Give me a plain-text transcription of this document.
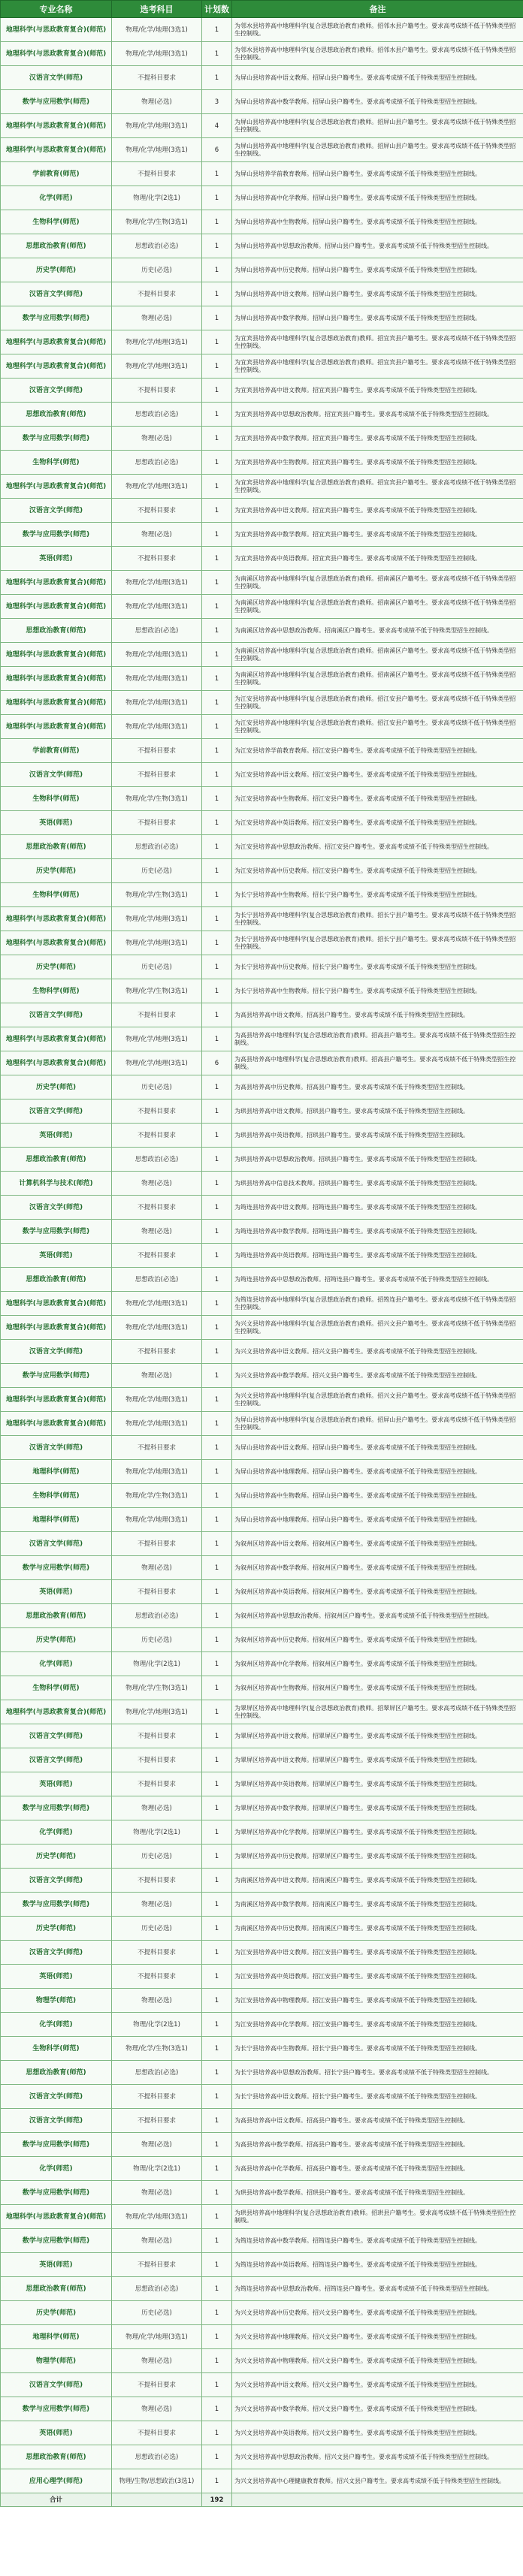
专业名称	选考科目	计划数	备注
地理科学(与思政教育复合)(师范)	物理/化学/地理(3选1)	1	为邻水县培养高中地理科学(复合思想政治教育)教师。招邻水县户籍考生。要求高考成绩不低于特殊类型招生控制线。
地理科学(与思政教育复合)(师范)	物理/化学/地理(3选1)	1	为邻水县培养高中地理科学(复合思想政治教育)教师。招邻水县户籍考生。要求高考成绩不低于特殊类型招生控制线。
汉语言文学(师范)	不提科目要求	1	为屏山县培养高中语文教师。招屏山县户籍考生。要求高考成绩不低于特殊类型招生控制线。
数学与应用数学(师范)	物理(必选)	3	为屏山县培养高中数学教师。招屏山县户籍考生。要求高考成绩不低于特殊类型招生控制线。
地理科学(与思政教育复合)(师范)	物理/化学/地理(3选1)	4	为屏山县培养高中地理科学(复合思想政治教育)教师。招屏山县户籍考生。要求高考成绩不低于特殊类型招生控制线。
地理科学(与思政教育复合)(师范)	物理/化学/地理(3选1)	6	为屏山县培养高中地理科学(复合思想政治教育)教师。招屏山县户籍考生。要求高考成绩不低于特殊类型招生控制线。
学前教育(师范)	不提科目要求	1	为屏山县培养学前教育教师。招屏山县户籍考生。要求高考成绩不低于特殊类型招生控制线。
化学(师范)	物理/化学(2选1)	1	为屏山县培养高中化学教师。招屏山县户籍考生。要求高考成绩不低于特殊类型招生控制线。
生物科学(师范)	物理/化学/生物(3选1)	1	为屏山县培养高中生物教师。招屏山县户籍考生。要求高考成绩不低于特殊类型招生控制线。
思想政治教育(师范)	思想政治(必选)	1	为屏山县培养高中思想政治教师。招屏山县户籍考生。要求高考成绩不低于特殊类型招生控制线。
历史学(师范)	历史(必选)	1	为屏山县培养高中历史教师。招屏山县户籍考生。要求高考成绩不低于特殊类型招生控制线。
汉语言文学(师范)	不提科目要求	1	为屏山县培养高中语文教师。招屏山县户籍考生。要求高考成绩不低于特殊类型招生控制线。
数学与应用数学(师范)	物理(必选)	1	为屏山县培养高中数学教师。招屏山县户籍考生。要求高考成绩不低于特殊类型招生控制线。
地理科学(与思政教育复合)(师范)	物理/化学/地理(3选1)	1	为宜宾县培养高中地理科学(复合思想政治教育)教师。招宜宾县户籍考生。要求高考成绩不低于特殊类型招生控制线。
地理科学(与思政教育复合)(师范)	物理/化学/地理(3选1)	1	为宜宾县培养高中地理科学(复合思想政治教育)教师。招宜宾县户籍考生。要求高考成绩不低于特殊类型招生控制线。
汉语言文学(师范)	不提科目要求	1	为宜宾县培养高中语文教师。招宜宾县户籍考生。要求高考成绩不低于特殊类型招生控制线。
思想政治教育(师范)	思想政治(必选)	1	为宜宾县培养高中思想政治教师。招宜宾县户籍考生。要求高考成绩不低于特殊类型招生控制线。
数学与应用数学(师范)	物理(必选)	1	为宜宾县培养高中数学教师。招宜宾县户籍考生。要求高考成绩不低于特殊类型招生控制线。
生物科学(师范)	思想政治(必选)	1	为宜宾县培养高中生物教师。招宜宾县户籍考生。要求高考成绩不低于特殊类型招生控制线。
地理科学(与思政教育复合)(师范)	物理/化学/地理(3选1)	1	为宜宾县培养高中地理科学(复合思想政治教育)教师。招宜宾县户籍考生。要求高考成绩不低于特殊类型招生控制线。
汉语言文学(师范)	不提科目要求	1	为宜宾县培养高中语文教师。招宜宾县户籍考生。要求高考成绩不低于特殊类型招生控制线。
数学与应用数学(师范)	物理(必选)	1	为宜宾县培养高中数学教师。招宜宾县户籍考生。要求高考成绩不低于特殊类型招生控制线。
英语(师范)	不提科目要求	1	为宜宾县培养高中英语教师。招宜宾县户籍考生。要求高考成绩不低于特殊类型招生控制线。
地理科学(与思政教育复合)(师范)	物理/化学/地理(3选1)	1	为南溪区培养高中地理科学(复合思想政治教育)教师。招南溪区户籍考生。要求高考成绩不低于特殊类型招生控制线。
地理科学(与思政教育复合)(师范)	物理/化学/地理(3选1)	1	为南溪区培养高中地理科学(复合思想政治教育)教师。招南溪区户籍考生。要求高考成绩不低于特殊类型招生控制线。
思想政治教育(师范)	思想政治(必选)	1	为南溪区培养高中思想政治教师。招南溪区户籍考生。要求高考成绩不低于特殊类型招生控制线。
地理科学(与思政教育复合)(师范)	物理/化学/地理(3选1)	1	为南溪区培养高中地理科学(复合思想政治教育)教师。招南溪区户籍考生。要求高考成绩不低于特殊类型招生控制线。
地理科学(与思政教育复合)(师范)	物理/化学/地理(3选1)	1	为南溪区培养高中地理科学(复合思想政治教育)教师。招南溪区户籍考生。要求高考成绩不低于特殊类型招生控制线。
地理科学(与思政教育复合)(师范)	物理/化学/地理(3选1)	1	为江安县培养高中地理科学(复合思想政治教育)教师。招江安县户籍考生。要求高考成绩不低于特殊类型招生控制线。
地理科学(与思政教育复合)(师范)	物理/化学/地理(3选1)	1	为江安县培养高中地理科学(复合思想政治教育)教师。招江安县户籍考生。要求高考成绩不低于特殊类型招生控制线。
学前教育(师范)	不提科目要求	1	为江安县培养学前教育教师。招江安县户籍考生。要求高考成绩不低于特殊类型招生控制线。
汉语言文学(师范)	不提科目要求	1	为江安县培养高中语文教师。招江安县户籍考生。要求高考成绩不低于特殊类型招生控制线。
生物科学(师范)	物理/化学/生物(3选1)	1	为江安县培养高中生物教师。招江安县户籍考生。要求高考成绩不低于特殊类型招生控制线。
英语(师范)	不提科目要求	1	为江安县培养高中英语教师。招江安县户籍考生。要求高考成绩不低于特殊类型招生控制线。
思想政治教育(师范)	思想政治(必选)	1	为江安县培养高中思想政治教师。招江安县户籍考生。要求高考成绩不低于特殊类型招生控制线。
历史学(师范)	历史(必选)	1	为江安县培养高中历史教师。招江安县户籍考生。要求高考成绩不低于特殊类型招生控制线。
生物科学(师范)	物理/化学/生物(3选1)	1	为长宁县培养高中生物教师。招长宁县户籍考生。要求高考成绩不低于特殊类型招生控制线。
地理科学(与思政教育复合)(师范)	物理/化学/地理(3选1)	1	为长宁县培养高中地理科学(复合思想政治教育)教师。招长宁县户籍考生。要求高考成绩不低于特殊类型招生控制线。
地理科学(与思政教育复合)(师范)	物理/化学/地理(3选1)	1	为长宁县培养高中地理科学(复合思想政治教育)教师。招长宁县户籍考生。要求高考成绩不低于特殊类型招生控制线。
历史学(师范)	历史(必选)	1	为长宁县培养高中历史教师。招长宁县户籍考生。要求高考成绩不低于特殊类型招生控制线。
生物科学(师范)	物理/化学/生物(3选1)	1	为长宁县培养高中生物教师。招长宁县户籍考生。要求高考成绩不低于特殊类型招生控制线。
汉语言文学(师范)	不提科目要求	1	为高县培养高中语文教师。招高县户籍考生。要求高考成绩不低于特殊类型招生控制线。
地理科学(与思政教育复合)(师范)	物理/化学/地理(3选1)	1	为高县培养高中地理科学(复合思想政治教育)教师。招高县户籍考生。要求高考成绩不低于特殊类型招生控制线。
地理科学(与思政教育复合)(师范)	物理/化学/地理(3选1)	6	为高县培养高中地理科学(复合思想政治教育)教师。招高县户籍考生。要求高考成绩不低于特殊类型招生控制线。
历史学(师范)	历史(必选)	1	为高县培养高中历史教师。招高县户籍考生。要求高考成绩不低于特殊类型招生控制线。
汉语言文学(师范)	不提科目要求	1	为珙县培养高中语文教师。招珙县户籍考生。要求高考成绩不低于特殊类型招生控制线。
英语(师范)	不提科目要求	1	为珙县培养高中英语教师。招珙县户籍考生。要求高考成绩不低于特殊类型招生控制线。
思想政治教育(师范)	思想政治(必选)	1	为珙县培养高中思想政治教师。招珙县户籍考生。要求高考成绩不低于特殊类型招生控制线。
计算机科学与技术(师范)	物理(必选)	1	为珙县培养高中信息技术教师。招珙县户籍考生。要求高考成绩不低于特殊类型招生控制线。
汉语言文学(师范)	不提科目要求	1	为筠连县培养高中语文教师。招筠连县户籍考生。要求高考成绩不低于特殊类型招生控制线。
数学与应用数学(师范)	物理(必选)	1	为筠连县培养高中数学教师。招筠连县户籍考生。要求高考成绩不低于特殊类型招生控制线。
英语(师范)	不提科目要求	1	为筠连县培养高中英语教师。招筠连县户籍考生。要求高考成绩不低于特殊类型招生控制线。
思想政治教育(师范)	思想政治(必选)	1	为筠连县培养高中思想政治教师。招筠连县户籍考生。要求高考成绩不低于特殊类型招生控制线。
地理科学(与思政教育复合)(师范)	物理/化学/地理(3选1)	1	为筠连县培养高中地理科学(复合思想政治教育)教师。招筠连县户籍考生。要求高考成绩不低于特殊类型招生控制线。
地理科学(与思政教育复合)(师范)	物理/化学/地理(3选1)	1	为兴文县培养高中地理科学(复合思想政治教育)教师。招兴文县户籍考生。要求高考成绩不低于特殊类型招生控制线。
汉语言文学(师范)	不提科目要求	1	为兴文县培养高中语文教师。招兴文县户籍考生。要求高考成绩不低于特殊类型招生控制线。
数学与应用数学(师范)	物理(必选)	1	为兴文县培养高中数学教师。招兴文县户籍考生。要求高考成绩不低于特殊类型招生控制线。
地理科学(与思政教育复合)(师范)	物理/化学/地理(3选1)	1	为兴文县培养高中地理科学(复合思想政治教育)教师。招兴文县户籍考生。要求高考成绩不低于特殊类型招生控制线。
地理科学(与思政教育复合)(师范)	物理/化学/地理(3选1)	1	为屏山县培养高中地理科学(复合思想政治教育)教师。招屏山县户籍考生。要求高考成绩不低于特殊类型招生控制线。
汉语言文学(师范)	不提科目要求	1	为屏山县培养高中语文教师。招屏山县户籍考生。要求高考成绩不低于特殊类型招生控制线。
地理科学(师范)	物理/化学/地理(3选1)	1	为屏山县培养高中地理教师。招屏山县户籍考生。要求高考成绩不低于特殊类型招生控制线。
生物科学(师范)	物理/化学/生物(3选1)	1	为屏山县培养高中生物教师。招屏山县户籍考生。要求高考成绩不低于特殊类型招生控制线。
地理科学(师范)	物理/化学/地理(3选1)	1	为屏山县培养高中地理教师。招屏山县户籍考生。要求高考成绩不低于特殊类型招生控制线。
汉语言文学(师范)	不提科目要求	1	为叙州区培养高中语文教师。招叙州区户籍考生。要求高考成绩不低于特殊类型招生控制线。
数学与应用数学(师范)	物理(必选)	1	为叙州区培养高中数学教师。招叙州区户籍考生。要求高考成绩不低于特殊类型招生控制线。
英语(师范)	不提科目要求	1	为叙州区培养高中英语教师。招叙州区户籍考生。要求高考成绩不低于特殊类型招生控制线。
思想政治教育(师范)	思想政治(必选)	1	为叙州区培养高中思想政治教师。招叙州区户籍考生。要求高考成绩不低于特殊类型招生控制线。
历史学(师范)	历史(必选)	1	为叙州区培养高中历史教师。招叙州区户籍考生。要求高考成绩不低于特殊类型招生控制线。
化学(师范)	物理/化学(2选1)	1	为叙州区培养高中化学教师。招叙州区户籍考生。要求高考成绩不低于特殊类型招生控制线。
生物科学(师范)	物理/化学/生物(3选1)	1	为叙州区培养高中生物教师。招叙州区户籍考生。要求高考成绩不低于特殊类型招生控制线。
地理科学(与思政教育复合)(师范)	物理/化学/地理(3选1)	1	为翠屏区培养高中地理科学(复合思想政治教育)教师。招翠屏区户籍考生。要求高考成绩不低于特殊类型招生控制线。
汉语言文学(师范)	不提科目要求	1	为翠屏区培养高中语文教师。招翠屏区户籍考生。要求高考成绩不低于特殊类型招生控制线。
汉语言文学(师范)	不提科目要求	1	为翠屏区培养高中语文教师。招翠屏区户籍考生。要求高考成绩不低于特殊类型招生控制线。
英语(师范)	不提科目要求	1	为翠屏区培养高中英语教师。招翠屏区户籍考生。要求高考成绩不低于特殊类型招生控制线。
数学与应用数学(师范)	物理(必选)	1	为翠屏区培养高中数学教师。招翠屏区户籍考生。要求高考成绩不低于特殊类型招生控制线。
化学(师范)	物理/化学(2选1)	1	为翠屏区培养高中化学教师。招翠屏区户籍考生。要求高考成绩不低于特殊类型招生控制线。
历史学(师范)	历史(必选)	1	为翠屏区培养高中历史教师。招翠屏区户籍考生。要求高考成绩不低于特殊类型招生控制线。
汉语言文学(师范)	不提科目要求	1	为南溪区培养高中语文教师。招南溪区户籍考生。要求高考成绩不低于特殊类型招生控制线。
数学与应用数学(师范)	物理(必选)	1	为南溪区培养高中数学教师。招南溪区户籍考生。要求高考成绩不低于特殊类型招生控制线。
历史学(师范)	历史(必选)	1	为南溪区培养高中历史教师。招南溪区户籍考生。要求高考成绩不低于特殊类型招生控制线。
汉语言文学(师范)	不提科目要求	1	为江安县培养高中语文教师。招江安县户籍考生。要求高考成绩不低于特殊类型招生控制线。
英语(师范)	不提科目要求	1	为江安县培养高中英语教师。招江安县户籍考生。要求高考成绩不低于特殊类型招生控制线。
物理学(师范)	物理(必选)	1	为江安县培养高中物理教师。招江安县户籍考生。要求高考成绩不低于特殊类型招生控制线。
化学(师范)	物理/化学(2选1)	1	为江安县培养高中化学教师。招江安县户籍考生。要求高考成绩不低于特殊类型招生控制线。
生物科学(师范)	物理/化学/生物(3选1)	1	为长宁县培养高中生物教师。招长宁县户籍考生。要求高考成绩不低于特殊类型招生控制线。
思想政治教育(师范)	思想政治(必选)	1	为长宁县培养高中思想政治教师。招长宁县户籍考生。要求高考成绩不低于特殊类型招生控制线。
汉语言文学(师范)	不提科目要求	1	为长宁县培养高中语文教师。招长宁县户籍考生。要求高考成绩不低于特殊类型招生控制线。
汉语言文学(师范)	不提科目要求	1	为高县培养高中语文教师。招高县户籍考生。要求高考成绩不低于特殊类型招生控制线。
数学与应用数学(师范)	物理(必选)	1	为高县培养高中数学教师。招高县户籍考生。要求高考成绩不低于特殊类型招生控制线。
化学(师范)	物理/化学(2选1)	1	为高县培养高中化学教师。招高县户籍考生。要求高考成绩不低于特殊类型招生控制线。
数学与应用数学(师范)	物理(必选)	1	为珙县培养高中数学教师。招珙县户籍考生。要求高考成绩不低于特殊类型招生控制线。
地理科学(与思政教育复合)(师范)	物理/化学/地理(3选1)	1	为珙县培养高中地理科学(复合思想政治教育)教师。招珙县户籍考生。要求高考成绩不低于特殊类型招生控制线。
数学与应用数学(师范)	物理(必选)	1	为筠连县培养高中数学教师。招筠连县户籍考生。要求高考成绩不低于特殊类型招生控制线。
英语(师范)	不提科目要求	1	为筠连县培养高中英语教师。招筠连县户籍考生。要求高考成绩不低于特殊类型招生控制线。
思想政治教育(师范)	思想政治(必选)	1	为筠连县培养高中思想政治教师。招筠连县户籍考生。要求高考成绩不低于特殊类型招生控制线。
历史学(师范)	历史(必选)	1	为兴文县培养高中历史教师。招兴文县户籍考生。要求高考成绩不低于特殊类型招生控制线。
地理科学(师范)	物理/化学/地理(3选1)	1	为兴文县培养高中地理教师。招兴文县户籍考生。要求高考成绩不低于特殊类型招生控制线。
物理学(师范)	物理(必选)	1	为兴文县培养高中物理教师。招兴文县户籍考生。要求高考成绩不低于特殊类型招生控制线。
汉语言文学(师范)	不提科目要求	1	为兴文县培养高中语文教师。招兴文县户籍考生。要求高考成绩不低于特殊类型招生控制线。
数学与应用数学(师范)	物理(必选)	1	为兴文县培养高中数学教师。招兴文县户籍考生。要求高考成绩不低于特殊类型招生控制线。
英语(师范)	不提科目要求	1	为兴文县培养高中英语教师。招兴文县户籍考生。要求高考成绩不低于特殊类型招生控制线。
思想政治教育(师范)	思想政治(必选)	1	为兴文县培养高中思想政治教师。招兴文县户籍考生。要求高考成绩不低于特殊类型招生控制线。
应用心理学(师范)	物理/生物/思想政治(3选1)	1	为兴文县培养高中心理健康教育教师。招兴文县户籍考生。要求高考成绩不低于特殊类型招生控制线。
合计		192	
